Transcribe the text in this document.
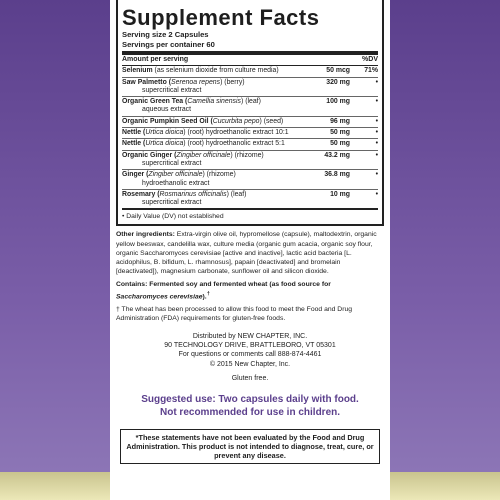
Supplement Facts
Serving size 2 Capsules
Servings per container 60
Amount per serving	%DV
Selenium (as selenium dioxide from culture media)	50 mcg	71%
Saw Palmetto (Serenoa repens) (berry)
supercritical extract
320 mg	•
Organic Green Tea (Camellia sinensis) (leaf)
aqueous extract
100 mg	•
Organic Pumpkin Seed Oil (Cucurbita pepo) (seed)	96 mg	•
Nettle (Urtica dioica) (root) hydroethanolic extract 10:1	50 mg	•
Nettle (Urtica dioica) (root) hydroethanolic extract 5:1	50 mg	•
Organic Ginger (Zingiber officinale) (rhizome)
supercritical extract
43.2 mg	•
Ginger (Zingiber officinale) (rhizome)
hydroethanolic extract
36.8 mg	•
Rosemary (Rosmarinus officinalis) (leaf)
supercritical extract
10 mg	•
• Daily Value (DV) not established
Other ingredients: Extra-virgin olive oil, hypromellose (capsule), maltodextrin, organic yellow beeswax, candelilla wax, culture media (organic gum acacia, organic soy flour, organic Saccharomyces cerevisiae [active and inactive], lactic acid bacteria [L. acidophilus, B. bifidum, L. rhamnosus], papain [deactivated] and bromelain [deactivated]), magnesium carbonate, sunflower oil and silicon dioxide.
Contains: Fermented soy and fermented wheat (as food source for Saccharomyces cerevisiae).†
† The wheat has been processed to allow this food to meet the Food and Drug Administration (FDA) requirements for gluten-free foods.
Distributed by NEW CHAPTER, INC.
90 TECHNOLOGY DRIVE, BRATTLEBORO, VT 05301
For questions or comments call 888-874-4461
© 2015 New Chapter, Inc.
Gluten free.
Suggested use: Two capsules daily with food.
Not recommended for use in children.
*These statements have not been evaluated by the Food and Drug Administration. This product is not intended to diagnose, treat, cure, or prevent any disease.
